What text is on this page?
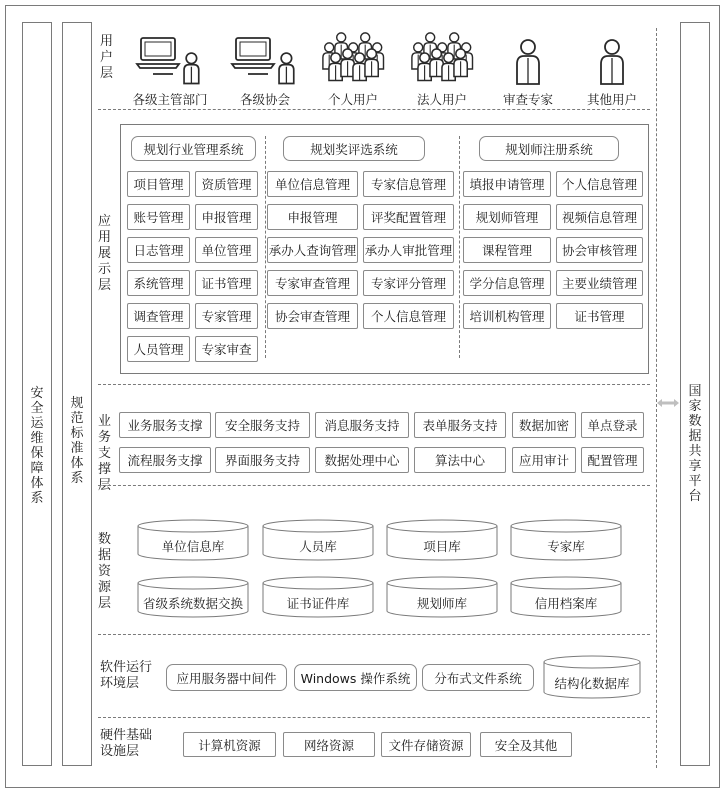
安全运维保障体系
规范标准体系
国家数据共享平台
用户层
各级主管部门	各级协会	个人用户	法人用户	审查专家	其他用户
应用展示层
规划行业管理系统
项目管理	资质管理
账号管理	申报管理
日志管理	单位管理
系统管理	证书管理
调查管理	专家管理
人员管理	专家审查
规划奖评选系统
单位信息管理	专家信息管理
申报管理	评奖配置管理
承办人查询管理 承办人审批管理
专家审查管理	专家评分管理
协会审查管理	个人信息管理
规划师注册系统
填报申请管理	个人信息管理
规划师管理	视频信息管理
课程管理	协会审核管理
学分信息管理	主要业绩管理
培训机构管理	证书管理
业务支撑层
业务服务支撑	安全服务支持	消息服务支持	表单服务支持	数据加密	单点登录
流程服务支撑	界面服务支持	数据处理中心	算法中心	应用审计	配置管理
数据资源层
单位信息库	人员库	项目库	专家库
省级系统数据交换	证书证件库	规划师库	信用档案库
软件运行环境层	应用服务器中间件	Windows 操作系统	分布式文件系统	结构化数据库
硬件基础设施层	计算机资源	网络资源	文件存储资源	安全及其他
